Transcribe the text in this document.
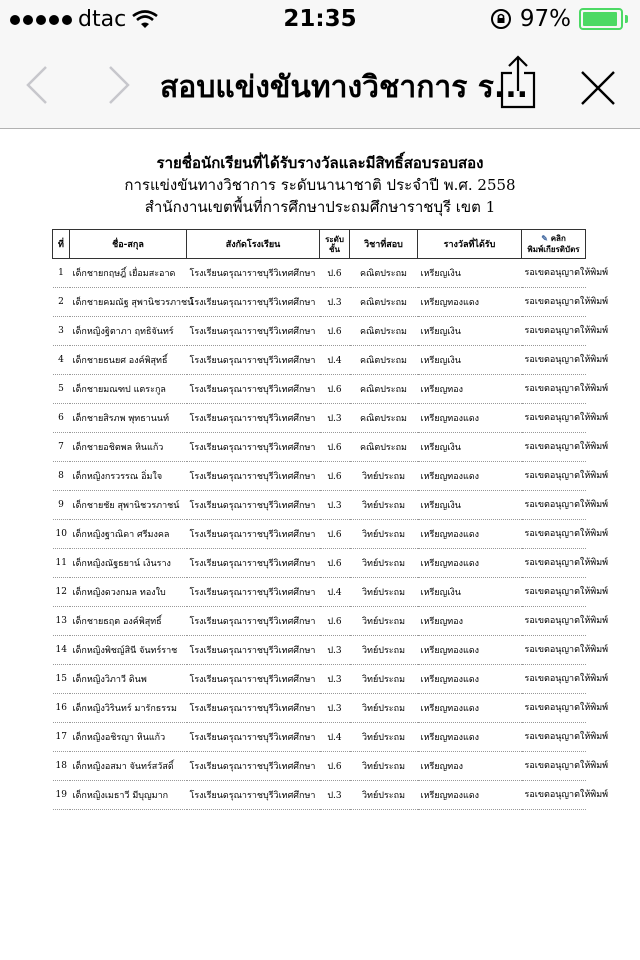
dtac	21:35	97%
สอบแข่งขันทางวิชาการ ร...
รายชื่อนักเรียนที่ได้รับรางวัลและมีสิทธิ์สอบรอบสอง
การแข่งขันทางวิชาการ ระดับนานาชาติ ประจำปี พ.ศ. 2558
สำนักงานเขตพื้นที่การศึกษาประถมศึกษาราชบุรี เขต 1
ที่	ชื่อ-สกุล	สังกัดโรงเรียน	ระดับชั้น	วิชาที่สอบ	รางวัลที่ได้รับ	✎ คลิก
พิมพ์เกียรติบัตร
1	เด็กชายกฤษฎิ์ เยื่อมสะอาด	โรงเรียนดรุณาราชบุรีวิเทศศึกษา	ป.6	คณิตประถม	เหรียญเงิน	รอเขตอนุญาตให้พิมพ์
2	เด็กชายคมณัฐ สุพานิชวรภาชน์	โรงเรียนดรุณาราชบุรีวิเทศศึกษา	ป.3	คณิตประถม	เหรียญทองแดง	รอเขตอนุญาตให้พิมพ์
3	เด็กหญิงฐิตาภา ฤทธิจันทร์	โรงเรียนดรุณาราชบุรีวิเทศศึกษา	ป.6	คณิตประถม	เหรียญเงิน	รอเขตอนุญาตให้พิมพ์
4	เด็กชายธนยศ องค์พิสุทธิ์	โรงเรียนดรุณาราชบุรีวิเทศศึกษา	ป.4	คณิตประถม	เหรียญเงิน	รอเขตอนุญาตให้พิมพ์
5	เด็กชายมณฑป แตระกูล	โรงเรียนดรุณาราชบุรีวิเทศศึกษา	ป.6	คณิตประถม	เหรียญทอง	รอเขตอนุญาตให้พิมพ์
6	เด็กชายสิรภพ พุทธานนท์	โรงเรียนดรุณาราชบุรีวิเทศศึกษา	ป.3	คณิตประถม	เหรียญทองแดง	รอเขตอนุญาตให้พิมพ์
7	เด็กชายอชิตพล หินแก้ว	โรงเรียนดรุณาราชบุรีวิเทศศึกษา	ป.6	คณิตประถม	เหรียญเงิน	รอเขตอนุญาตให้พิมพ์
8	เด็กหญิงกรวรรณ อิ่มใจ	โรงเรียนดรุณาราชบุรีวิเทศศึกษา	ป.6	วิทย์ประถม	เหรียญทองแดง	รอเขตอนุญาตให้พิมพ์
9	เด็กชายชัย สุพานิชวรภาชน์	โรงเรียนดรุณาราชบุรีวิเทศศึกษา	ป.3	วิทย์ประถม	เหรียญเงิน	รอเขตอนุญาตให้พิมพ์
10	เด็กหญิงฐาณิดา ศรีมงคล	โรงเรียนดรุณาราชบุรีวิเทศศึกษา	ป.6	วิทย์ประถม	เหรียญทองแดง	รอเขตอนุญาตให้พิมพ์
11	เด็กหญิงณัฐธยาน์ เงินราง	โรงเรียนดรุณาราชบุรีวิเทศศึกษา	ป.6	วิทย์ประถม	เหรียญทองแดง	รอเขตอนุญาตให้พิมพ์
12	เด็กหญิงดวงกมล ทองใบ	โรงเรียนดรุณาราชบุรีวิเทศศึกษา	ป.4	วิทย์ประถม	เหรียญเงิน	รอเขตอนุญาตให้พิมพ์
13	เด็กชายธฤต องค์พิสุทธิ์	โรงเรียนดรุณาราชบุรีวิเทศศึกษา	ป.6	วิทย์ประถม	เหรียญทอง	รอเขตอนุญาตให้พิมพ์
14	เด็กหญิงพิชญ์สินี จันทร์ราช	โรงเรียนดรุณาราชบุรีวิเทศศึกษา	ป.3	วิทย์ประถม	เหรียญทองแดง	รอเขตอนุญาตให้พิมพ์
15	เด็กหญิงวิภาวี ดินพ	โรงเรียนดรุณาราชบุรีวิเทศศึกษา	ป.3	วิทย์ประถม	เหรียญทองแดง	รอเขตอนุญาตให้พิมพ์
16	เด็กหญิงวิรินทร์ มารักธรรม	โรงเรียนดรุณาราชบุรีวิเทศศึกษา	ป.3	วิทย์ประถม	เหรียญทองแดง	รอเขตอนุญาตให้พิมพ์
17	เด็กหญิงอชิรญา หินแก้ว	โรงเรียนดรุณาราชบุรีวิเทศศึกษา	ป.4	วิทย์ประถม	เหรียญทองแดง	รอเขตอนุญาตให้พิมพ์
18	เด็กหญิงอสมา จันทร์สวัสดิ์	โรงเรียนดรุณาราชบุรีวิเทศศึกษา	ป.6	วิทย์ประถม	เหรียญทอง	รอเขตอนุญาตให้พิมพ์
19	เด็กหญิงเมธาวี มีบุญมาก	โรงเรียนดรุณาราชบุรีวิเทศศึกษา	ป.3	วิทย์ประถม	เหรียญทองแดง	รอเขตอนุญาตให้พิมพ์
